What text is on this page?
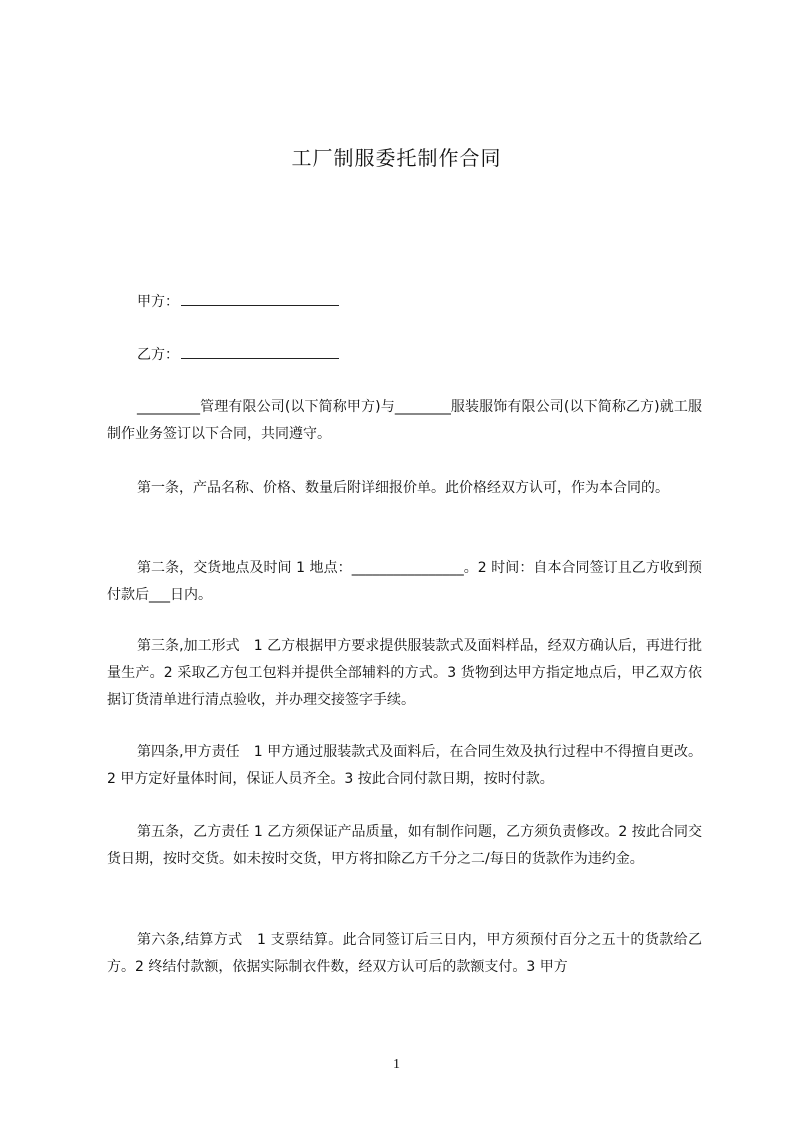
工厂制服委托制作合同
甲方：
乙方：

_________管理有限公司(以下简称甲方)与________服装服饰有限公司(以下简称乙方)就工服制作业务签订以下合同，共同遵守。

第一条，产品名称、价格、数量后附详细报价单。此价格经双方认可，作为本合同的。

第二条，交货地点及时间 1 地点：________________。2 时间：自本合同签订且乙方收到预付款后___日内。

第三条,加工形式　1 乙方根据甲方要求提供服装款式及面料样品，经双方确认后，再进行批量生产。2 采取乙方包工包料并提供全部辅料的方式。3 货物到达甲方指定地点后，甲乙双方依据订货清单进行清点验收，并办理交接签字手续。

第四条,甲方责任　1 甲方通过服装款式及面料后，在合同生效及执行过程中不得擅自更改。2 甲方定好量体时间，保证人员齐全。3 按此合同付款日期，按时付款。

第五条，乙方责任 1 乙方须保证产品质量，如有制作问题，乙方须负责修改。2 按此合同交货日期，按时交货。如未按时交货，甲方将扣除乙方千分之二/每日的货款作为违约金。

第六条,结算方式　1 支票结算。此合同签订后三日内，甲方须预付百分之五十的货款给乙方。2 终结付款额，依据实际制衣件数，经双方认可后的款额支付。3 甲方

1
